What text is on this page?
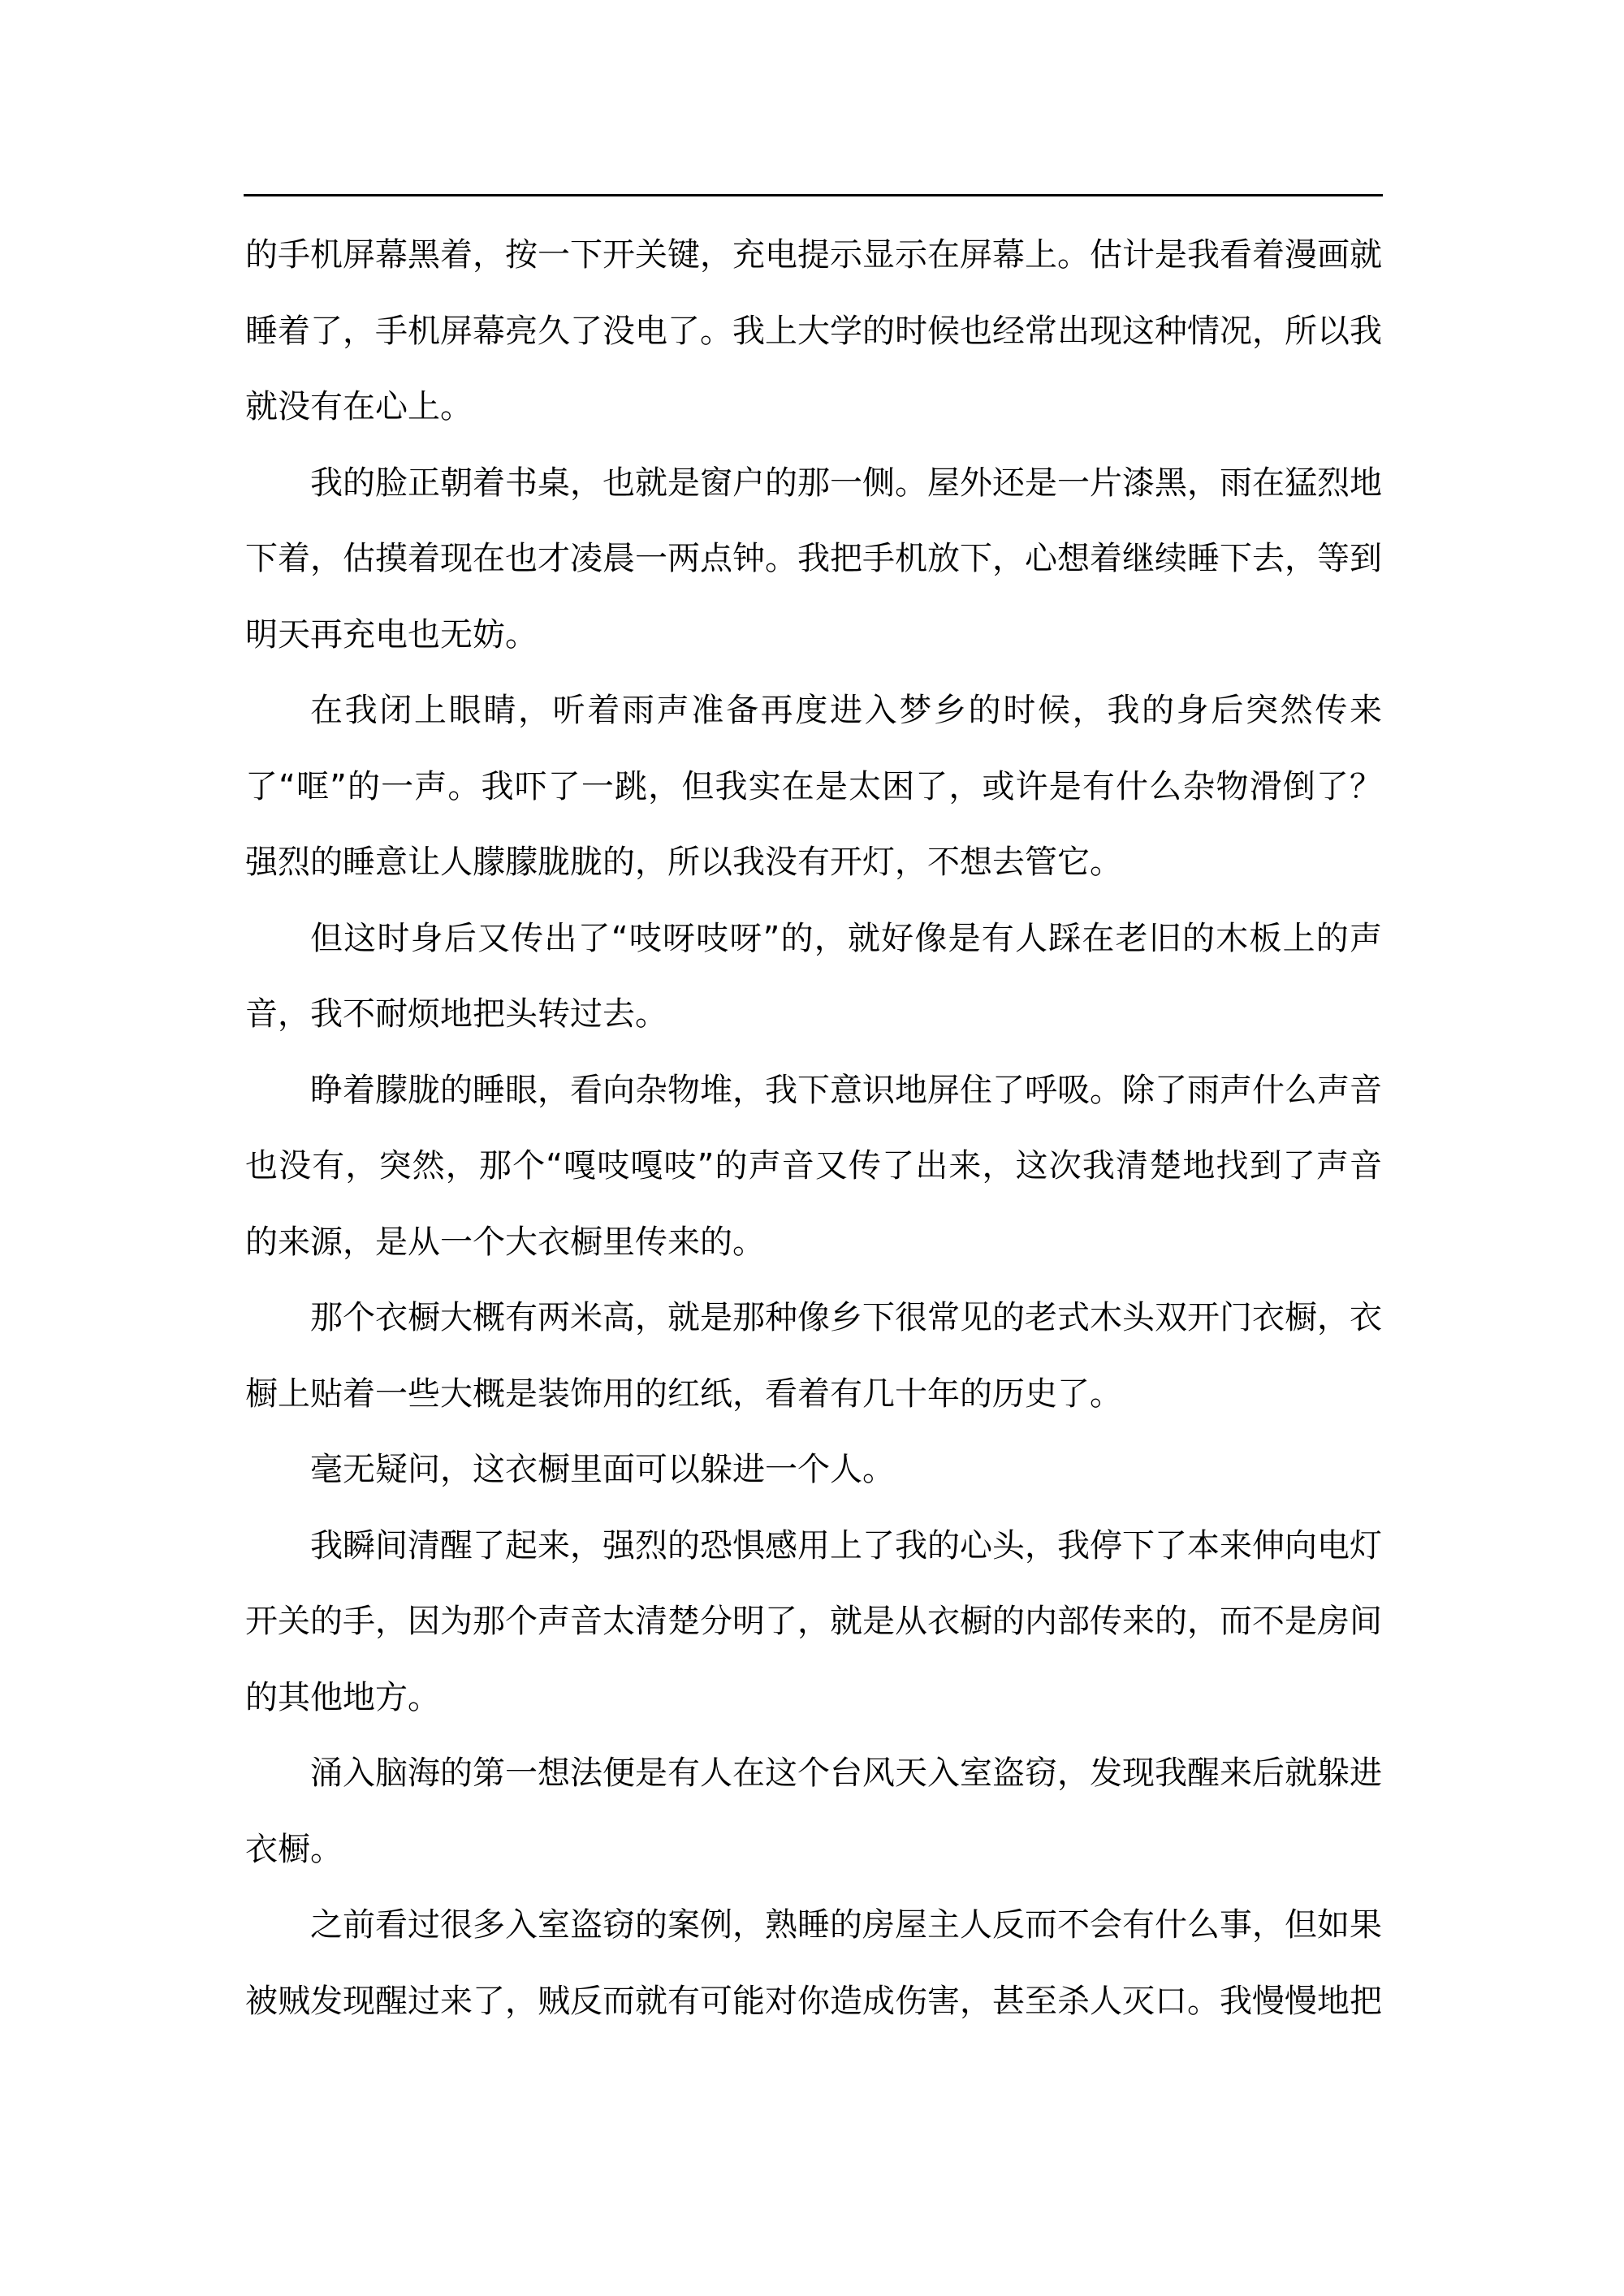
的手机屏幕黑着，按一下开关键，充电提示显示在屏幕上。估计是我看着漫画就睡着了，手机屏幕亮久了没电了。我上大学的时候也经常出现这种情况，所以我就没有在心上。

我的脸正朝着书桌，也就是窗户的那一侧。屋外还是一片漆黑，雨在猛烈地下着，估摸着现在也才凌晨一两点钟。我把手机放下，心想着继续睡下去，等到明天再充电也无妨。

在我闭上眼睛，听着雨声准备再度进入梦乡的时候，我的身后突然传来了“哐”的一声。我吓了一跳，但我实在是太困了，或许是有什么杂物滑倒了？强烈的睡意让人朦朦胧胧的，所以我没有开灯，不想去管它。

但这时身后又传出了“吱呀吱呀”的，就好像是有人踩在老旧的木板上的声音，我不耐烦地把头转过去。

睁着朦胧的睡眼，看向杂物堆，我下意识地屏住了呼吸。除了雨声什么声音也没有，突然，那个“嘎吱嘎吱”的声音又传了出来，这次我清楚地找到了声音的来源，是从一个大衣橱里传来的。

那个衣橱大概有两米高，就是那种像乡下很常见的老式木头双开门衣橱，衣橱上贴着一些大概是装饰用的红纸，看着有几十年的历史了。

毫无疑问，这衣橱里面可以躲进一个人。

我瞬间清醒了起来，强烈的恐惧感用上了我的心头，我停下了本来伸向电灯开关的手，因为那个声音太清楚分明了，就是从衣橱的内部传来的，而不是房间的其他地方。

涌入脑海的第一想法便是有人在这个台风天入室盗窃，发现我醒来后就躲进衣橱。

之前看过很多入室盗窃的案例，熟睡的房屋主人反而不会有什么事，但如果被贼发现醒过来了，贼反而就有可能对你造成伤害，甚至杀人灭口。我慢慢地把
